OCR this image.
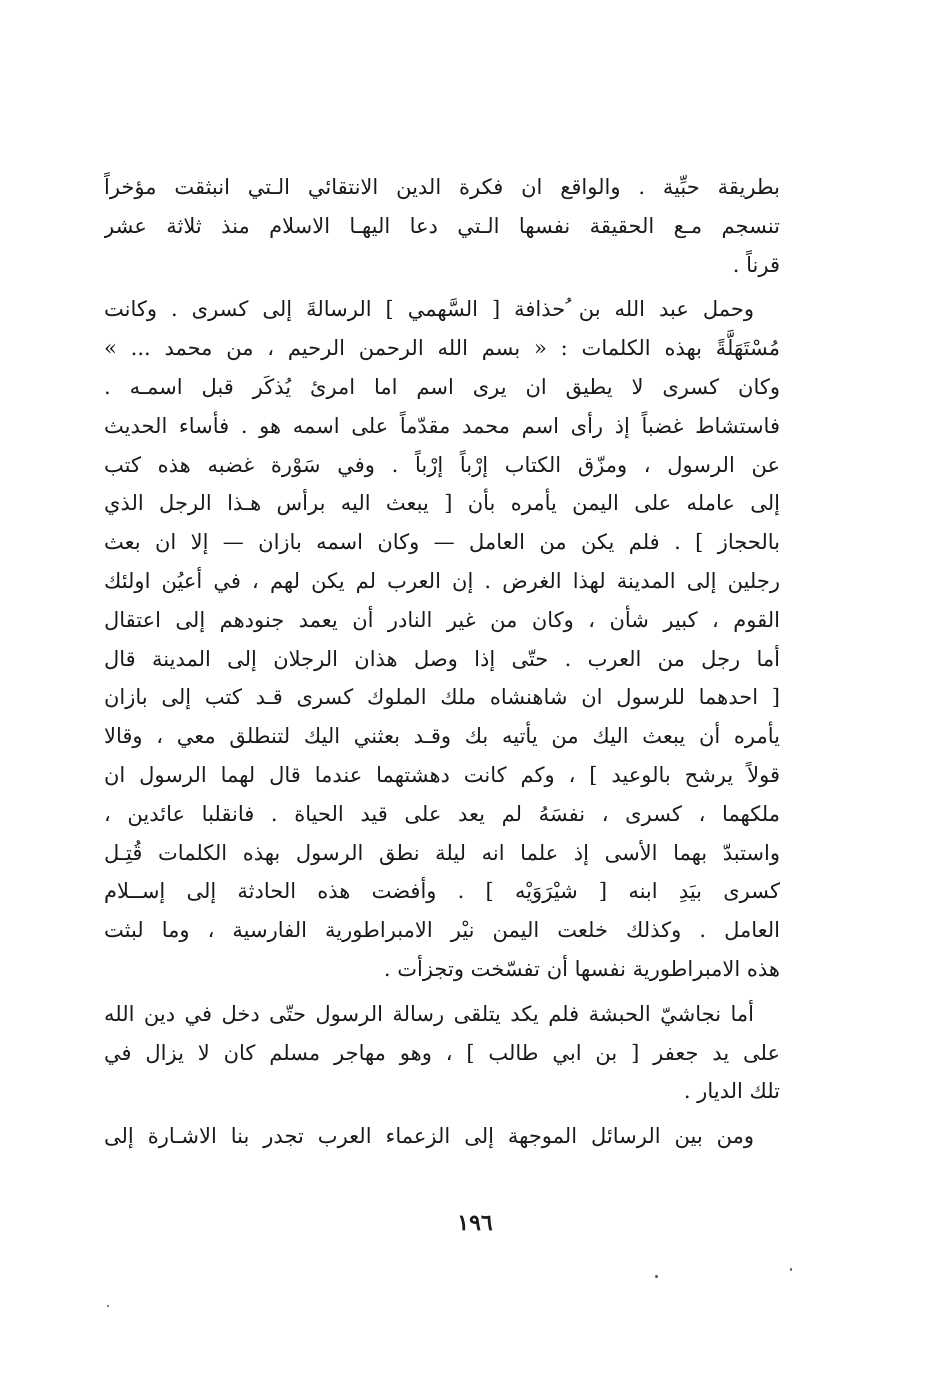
بطريقة حبِّية . والواقع ان فكرة الدين الانتقائي الـتي انبثقت مؤخراً
تنسجم مـع الحقيقة نفسها الـتي دعا اليهـا الاسلام منذ ثلاثة عشر
قرناً .

وحمل عبد الله بن ُحذافة [ السَّهمي ] الرسالةَ إلى كسرى . وكانت
مُسْتَهَلَّةً بهذه الكلمات : « بسم الله الرحمن الرحيم ، من محمد ... »
وكان كسرى لا يطيق ان يرى اسم اما امرئ يُذكَر قبل اسمـه .
فاستشاط غضباً إذ رأى اسم محمد مقدّماً على اسمه هو . فأساء الحديث
عن الرسول ، ومزّق الكتاب إرْباً إرْباً . وفي سَوْرة غضبه هذه كتب
إلى عامله على اليمن يأمره بأن [ يبعث اليه برأس هـذا الرجل الذي
بالحجاز ] . فلم يكن من العامل — وكان اسمه بازان — إلا ان بعث
رجلين إلى المدينة لهذا الغرض . إن العرب لم يكن لهم ، في أعيُن اولئك
القوم ، كبير شأن ، وكان من غير النادر أن يعمد جنودهم إلى اعتقال
أما رجل من العرب . حتّى إذا وصل هذان الرجلان إلى المدينة قال
[ احدهما للرسول ان شاهنشاه ملك الملوك كسرى قـد كتب إلى بازان
يأمره أن يبعث اليك من يأتيه بك وقـد بعثني اليك لتنطلق معي ، وقالا
قولاً يرشح بالوعيد ] ، وكم كانت دهشتهما عندما قال لهما الرسول ان
ملكهما ، كسرى ، نفسَهُ لم يعد على قيد الحياة . فانقلبا عائدين ،
واستبدّ بهما الأسى إذ علما انه ليلة نطق الرسول بهذه الكلمات قُتِـل
كسرى بيَدِ ابنه [ شيْرَوَيْه ] . وأفضت هذه الحادثة إلى إســلام
العامل . وكذلك خلعت اليمن نيْر الامبراطورية الفارسية ، وما لبثت
هذه الامبراطورية نفسها أن تفسّخت وتجزأت .

أما نجاشيّ الحبشة فلم يكد يتلقى رسالة الرسول حتّى دخل في دين الله
على يد جعفر [ بن ابي طالب ] ، وهو مهاجر مسلم كان لا يزال في
تلك الديار .

ومن بين الرسائل الموجهة إلى الزعماء العرب تجدر بنا الاشـارة إلى

١٩٦
